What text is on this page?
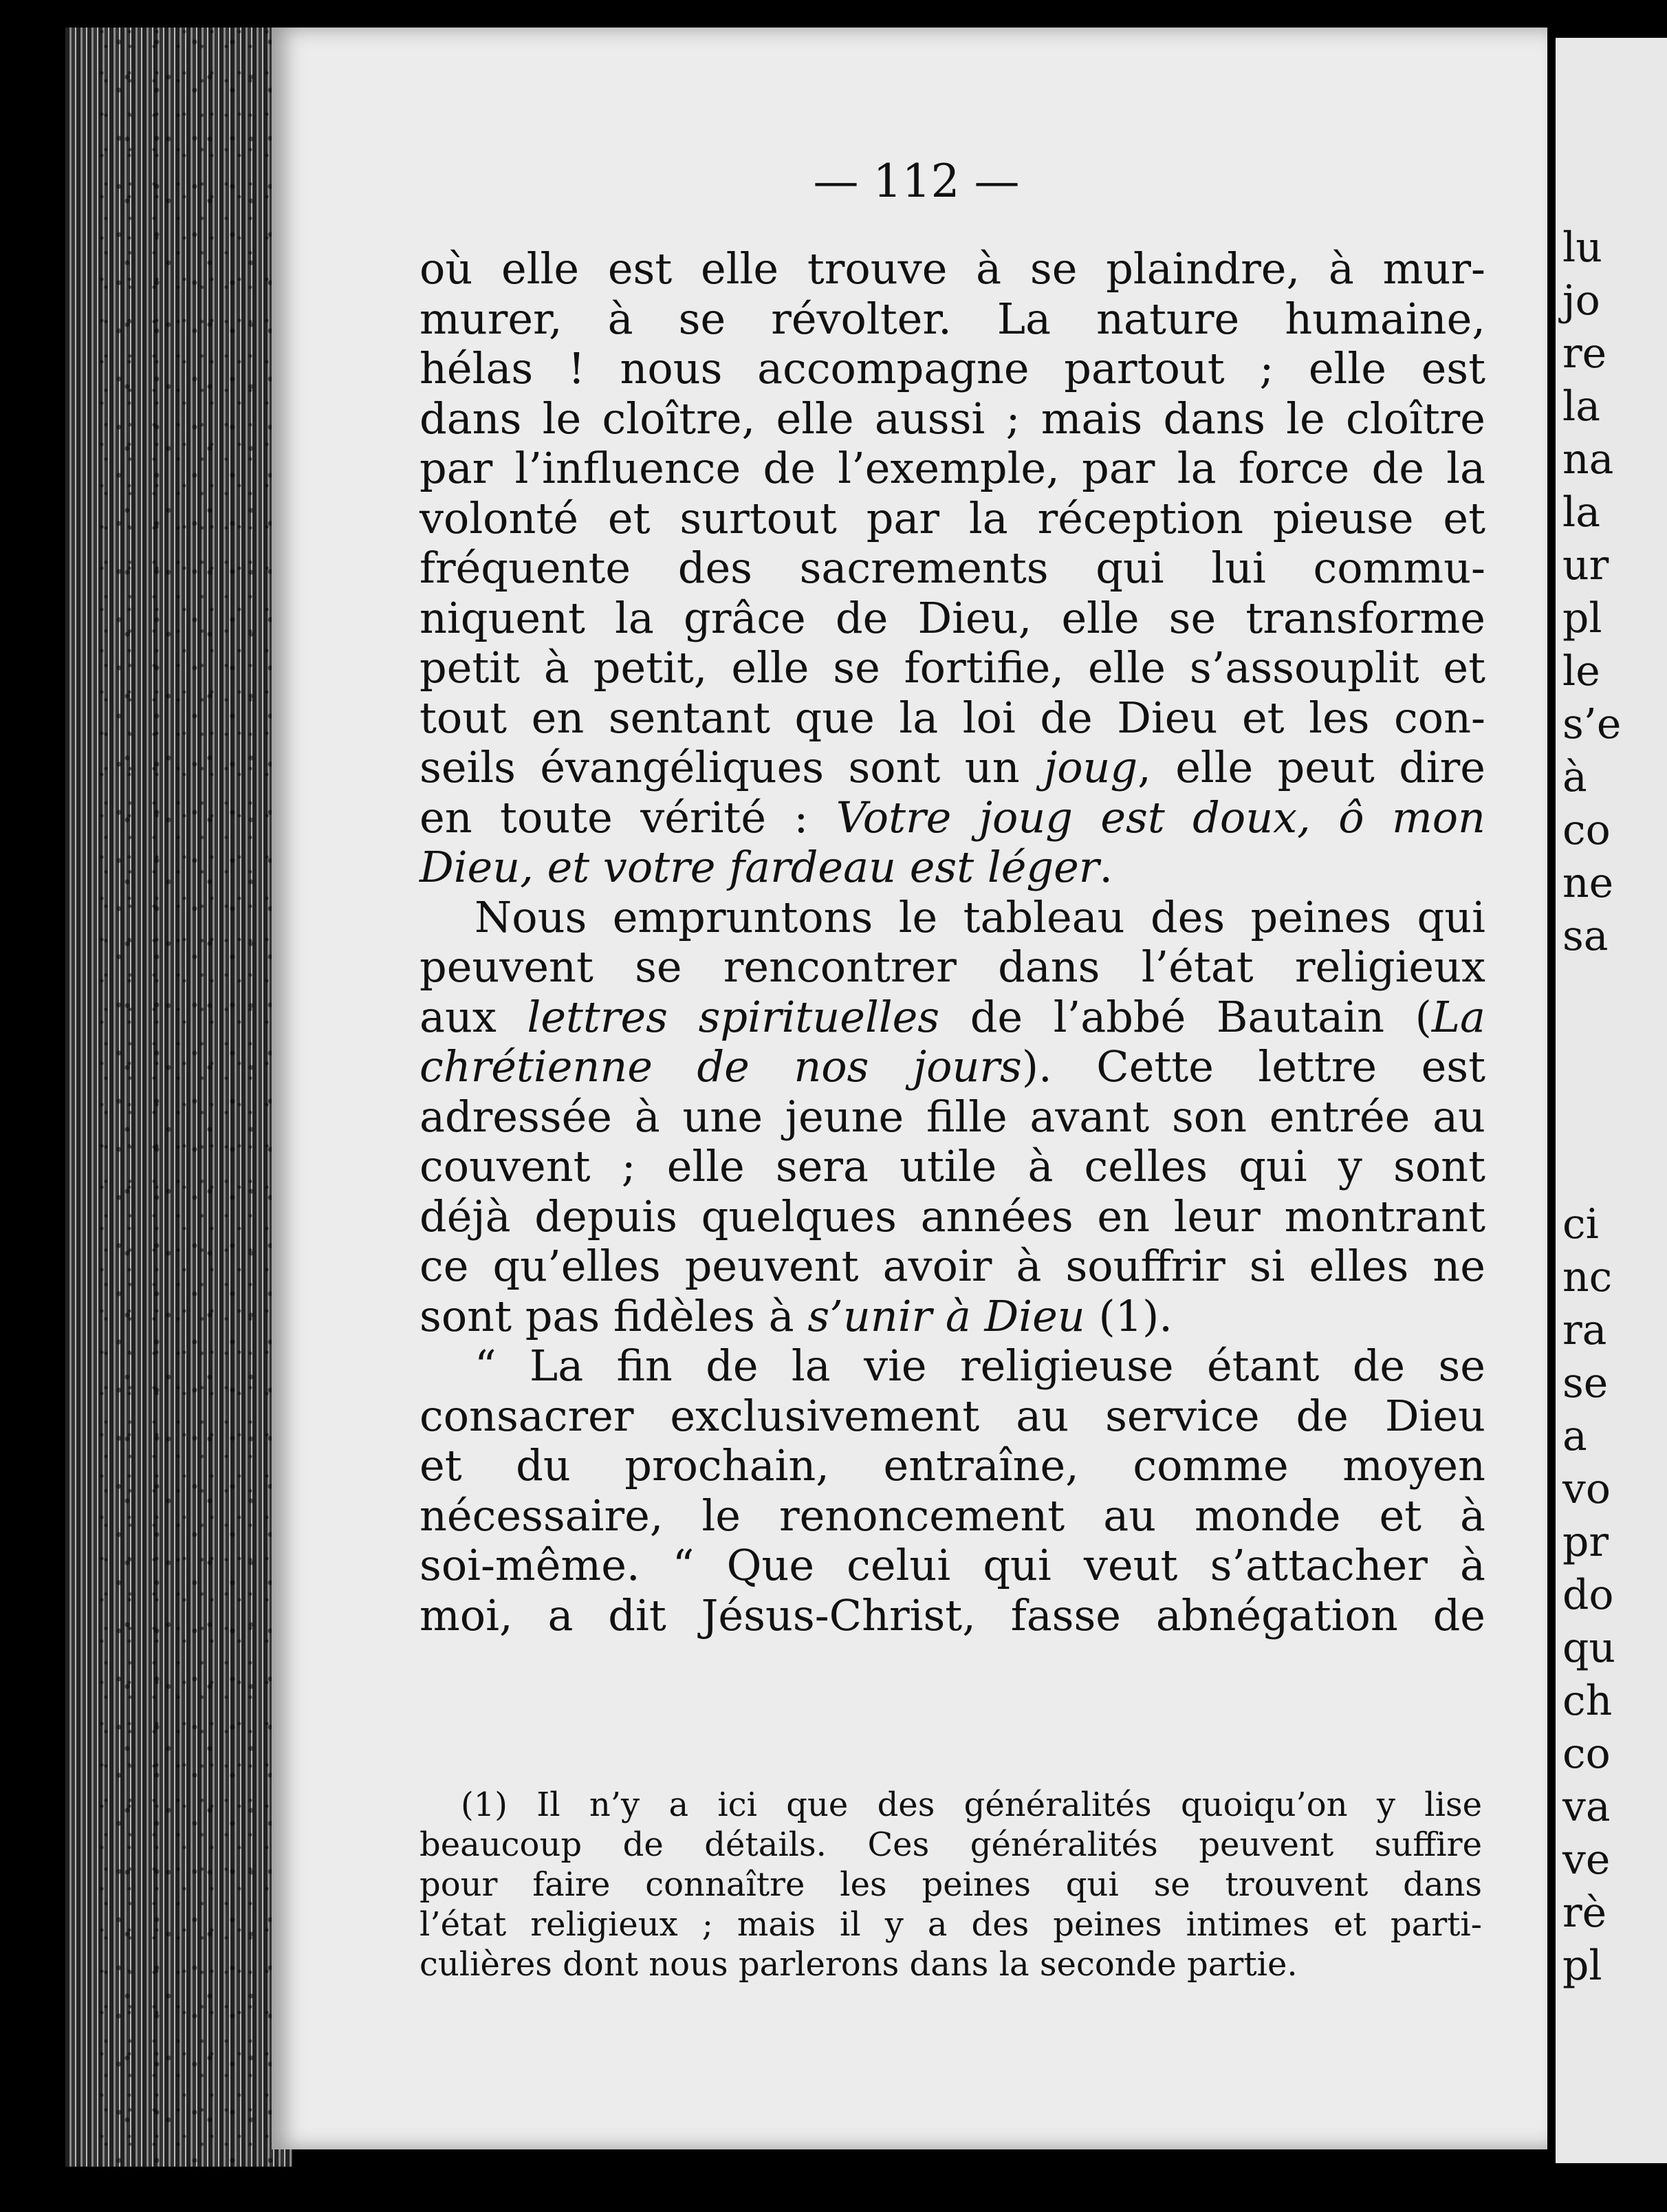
— 112 —
où elle est elle trouve à se plaindre, à mur-
murer, à se révolter. La nature humaine,
hélas ! nous accompagne partout ; elle est
dans le cloître, elle aussi ; mais dans le cloître
par l’influence de l’exemple, par la force de la
volonté et surtout par la réception pieuse et
fréquente des sacrements qui lui commu-
niquent la grâce de Dieu, elle se transforme
petit à petit, elle se fortifie, elle s’assouplit et
tout en sentant que la loi de Dieu et les con-
seils évangéliques sont un joug, elle peut dire
en toute vérité : Votre joug est doux, ô mon
Dieu, et votre fardeau est léger.
Nous empruntons le tableau des peines qui
peuvent se rencontrer dans l’état religieux
aux lettres spirituelles de l’abbé Bautain (La
chrétienne de nos jours). Cette lettre est
adressée à une jeune fille avant son entrée au
couvent ; elle sera utile à celles qui y sont
déjà depuis quelques années en leur montrant
ce qu’elles peuvent avoir à souffrir si elles ne
sont pas fidèles à s’unir à Dieu (1).
“ La fin de la vie religieuse étant de se
consacrer exclusivement au service de Dieu
et du prochain, entraîne, comme moyen
nécessaire, le renoncement au monde et à
soi-même. “ Que celui qui veut s’attacher à
moi, a dit Jésus-Christ, fasse abnégation de
(1) Il n’y a ici que des généralités quoiqu’on y lise
beaucoup de détails. Ces généralités peuvent suffire
pour faire connaître les peines qui se trouvent dans
l’état religieux ; mais il y a des peines intimes et parti-
culières dont nous parlerons dans la seconde partie.
lu
jo
re
la
na
la
ur
pl
le
s’e
à
co
ne
sa
ci
nc
ra
se
a
vo
pr
do
qu
ch
co
va
ve
rè
pl
